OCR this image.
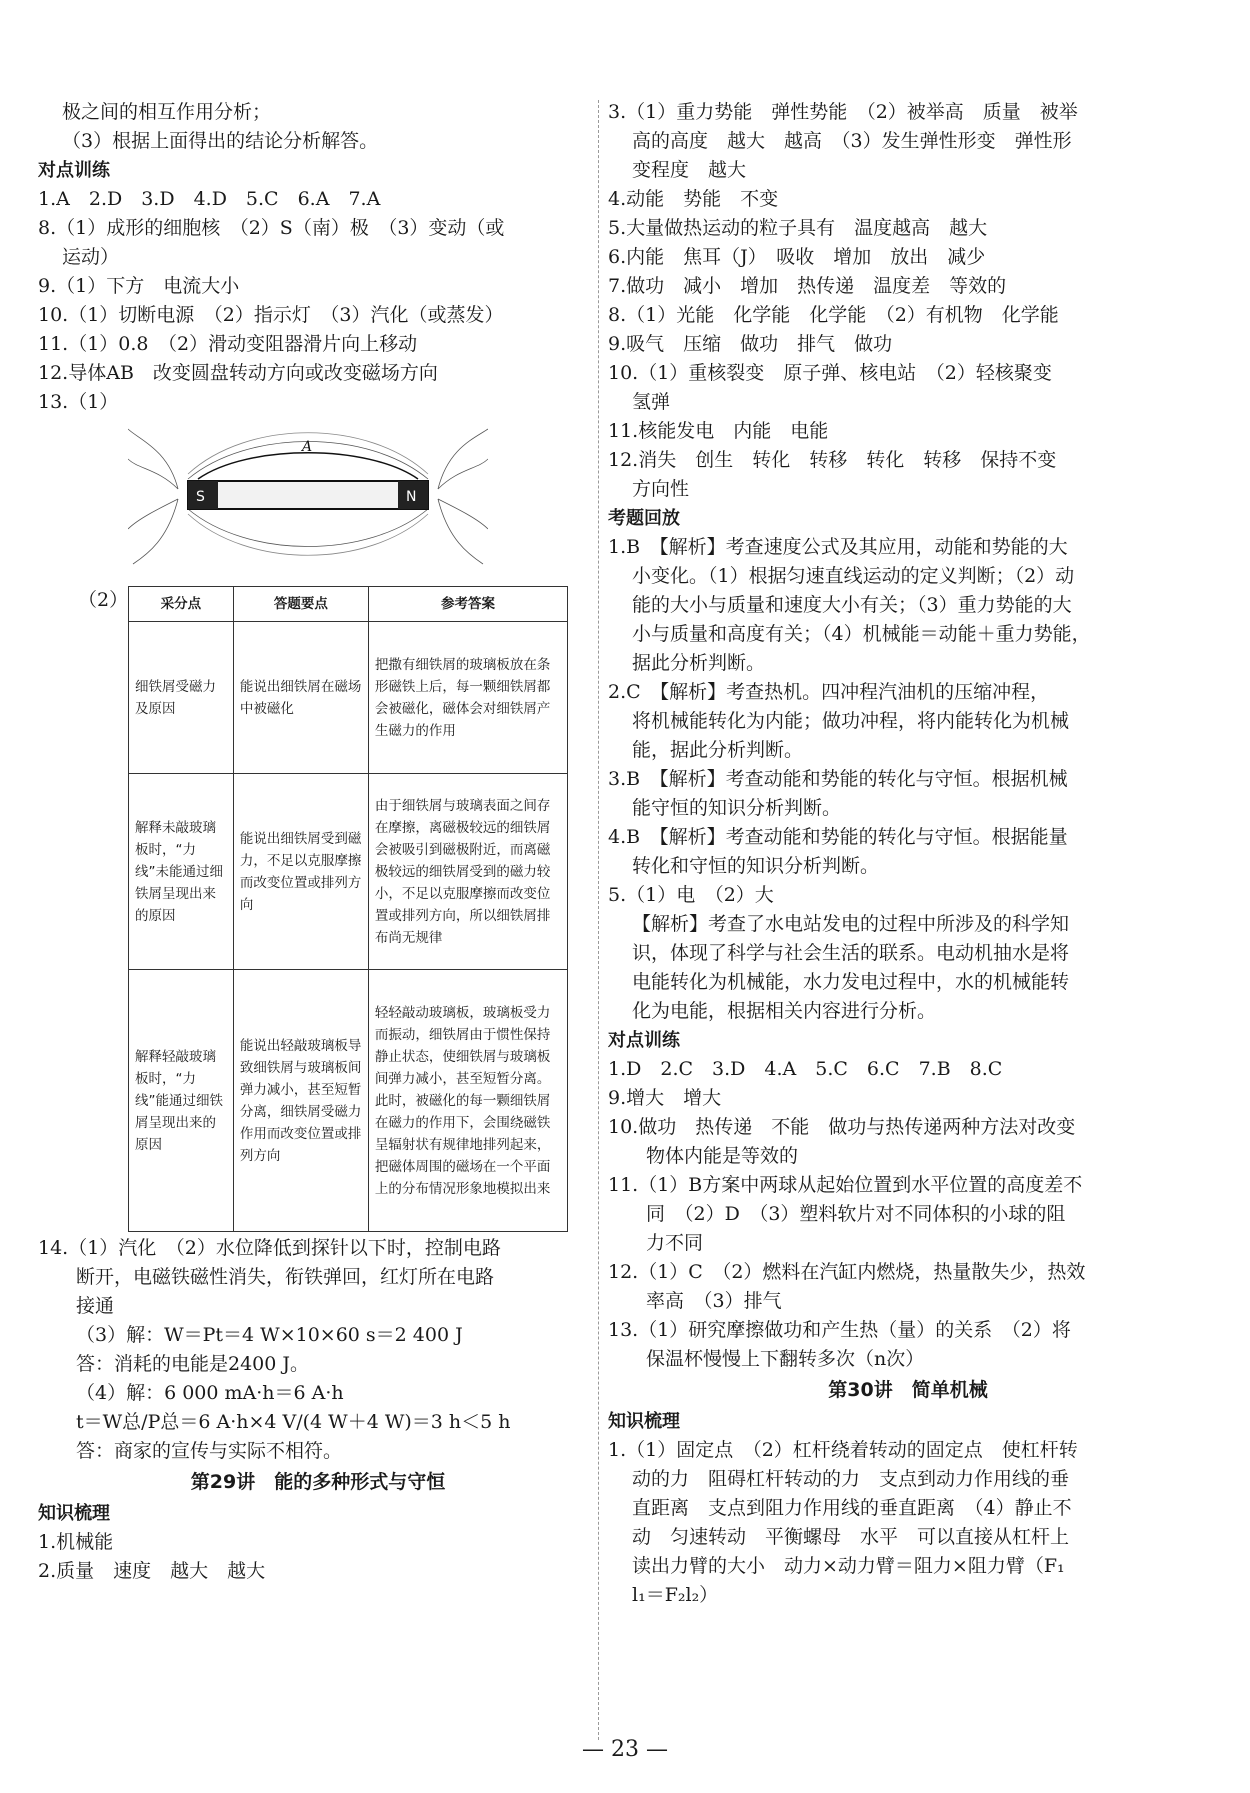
极之间的相互作用分析；
（3）根据上面得出的结论分析解答。
对点训练
1.A　2.D　3.D　4.D　5.C　6.A　7.A
8.（1）成形的细胞核　（2）S（南）极　（3）变动（或
运动）
9.（1）下方　电流大小
10.（1）切断电源　（2）指示灯　（3）汽化（或蒸发）
11.（1）0.8　（2）滑动变阻器滑片向上移动
12.导体AB　改变圆盘转动方向或改变磁场方向
13.（1）
A
S	N
（2） 采分点	答题要点	参考答案
细铁屑受磁力及原因	能说出细铁屑在磁场中被磁化	把撒有细铁屑的玻璃板放在条形磁铁上后，每一颗细铁屑都会被磁化，磁体会对细铁屑产生磁力的作用
解释未敲玻璃板时，“力线”未能通过细铁屑呈现出来的原因	能说出细铁屑受到磁力，不足以克服摩擦而改变位置或排列方向	由于细铁屑与玻璃表面之间存在摩擦，离磁极较远的细铁屑会被吸引到磁极附近，而离磁极较远的细铁屑受到的磁力较小，不足以克服摩擦而改变位置或排列方向，所以细铁屑排布尚无规律
解释轻敲玻璃板时，“力线”能通过细铁屑呈现出来的原因	能说出轻敲玻璃板导致细铁屑与玻璃板间弹力减小，甚至短暂分离，细铁屑受磁力作用而改变位置或排列方向	轻轻敲动玻璃板，玻璃板受力而振动，细铁屑由于惯性保持静止状态，使细铁屑与玻璃板间弹力减小，甚至短暂分离。此时，被磁化的每一颗细铁屑在磁力的作用下，会围绕磁铁呈辐射状有规律地排列起来，把磁体周围的磁场在一个平面上的分布情况形象地模拟出来
14.（1）汽化　（2）水位降低到探针以下时，控制电路
断开，电磁铁磁性消失，衔铁弹回，红灯所在电路
接通
（3）解：W＝Pt＝4 W×10×60 s＝2 400 J
答：消耗的电能是2400 J。
（4）解：6 000 mA·h＝6 A·h
t＝W总/P总＝6 A·h×4 V/(4 W＋4 W)＝3 h＜5 h
答：商家的宣传与实际不相符。
第29讲　能的多种形式与守恒
知识梳理
1.机械能
2.质量　速度　越大　越大
3.（1）重力势能　弹性势能　（2）被举高　质量　被举
高的高度　越大　越高　（3）发生弹性形变　弹性形
变程度　越大
4.动能　势能　不变
5.大量做热运动的粒子具有　温度越高　越大
6.内能　焦耳（J）　吸收　增加　放出　减少
7.做功　减小　增加　热传递　温度差　等效的
8.（1）光能　化学能　化学能　（2）有机物　化学能
9.吸气　压缩　做功　排气　做功
10.（1）重核裂变　原子弹、核电站　（2）轻核聚变
氢弹
11.核能发电　内能　电能
12.消失　创生　转化　转移　转化　转移　保持不变
方向性
考题回放
1.B　【解析】考查速度公式及其应用，动能和势能的大
小变化。（1）根据匀速直线运动的定义判断；（2）动
能的大小与质量和速度大小有关；（3）重力势能的大
小与质量和高度有关；（4）机械能＝动能＋重力势能，
据此分析判断。
2.C　【解析】考查热机。四冲程汽油机的压缩冲程，
将机械能转化为内能；做功冲程，将内能转化为机械
能，据此分析判断。
3.B　【解析】考查动能和势能的转化与守恒。根据机械
能守恒的知识分析判断。
4.B　【解析】考查动能和势能的转化与守恒。根据能量
转化和守恒的知识分析判断。
5.（1）电　（2）大
【解析】考查了水电站发电的过程中所涉及的科学知
识，体现了科学与社会生活的联系。电动机抽水是将
电能转化为机械能，水力发电过程中，水的机械能转
化为电能，根据相关内容进行分析。
对点训练
1.D　2.C　3.D　4.A　5.C　6.C　7.B　8.C
9.增大　增大
10.做功　热传递　不能　做功与热传递两种方法对改变
物体内能是等效的
11.（1）B方案中两球从起始位置到水平位置的高度差不
同　（2）D　（3）塑料软片对不同体积的小球的阻
力不同
12.（1）C　（2）燃料在汽缸内燃烧，热量散失少，热效
率高　（3）排气
13.（1）研究摩擦做功和产生热（量）的关系　（2）将
保温杯慢慢上下翻转多次（n次）
第30讲　简单机械
知识梳理
1.（1）固定点　（2）杠杆绕着转动的固定点　使杠杆转
动的力　阻碍杠杆转动的力　支点到动力作用线的垂
直距离　支点到阻力作用线的垂直距离　（4）静止不
动　匀速转动　平衡螺母　水平　可以直接从杠杆上
读出力臂的大小　动力×动力臂＝阻力×阻力臂（F₁
l₁＝F₂l₂）
— 23 —
